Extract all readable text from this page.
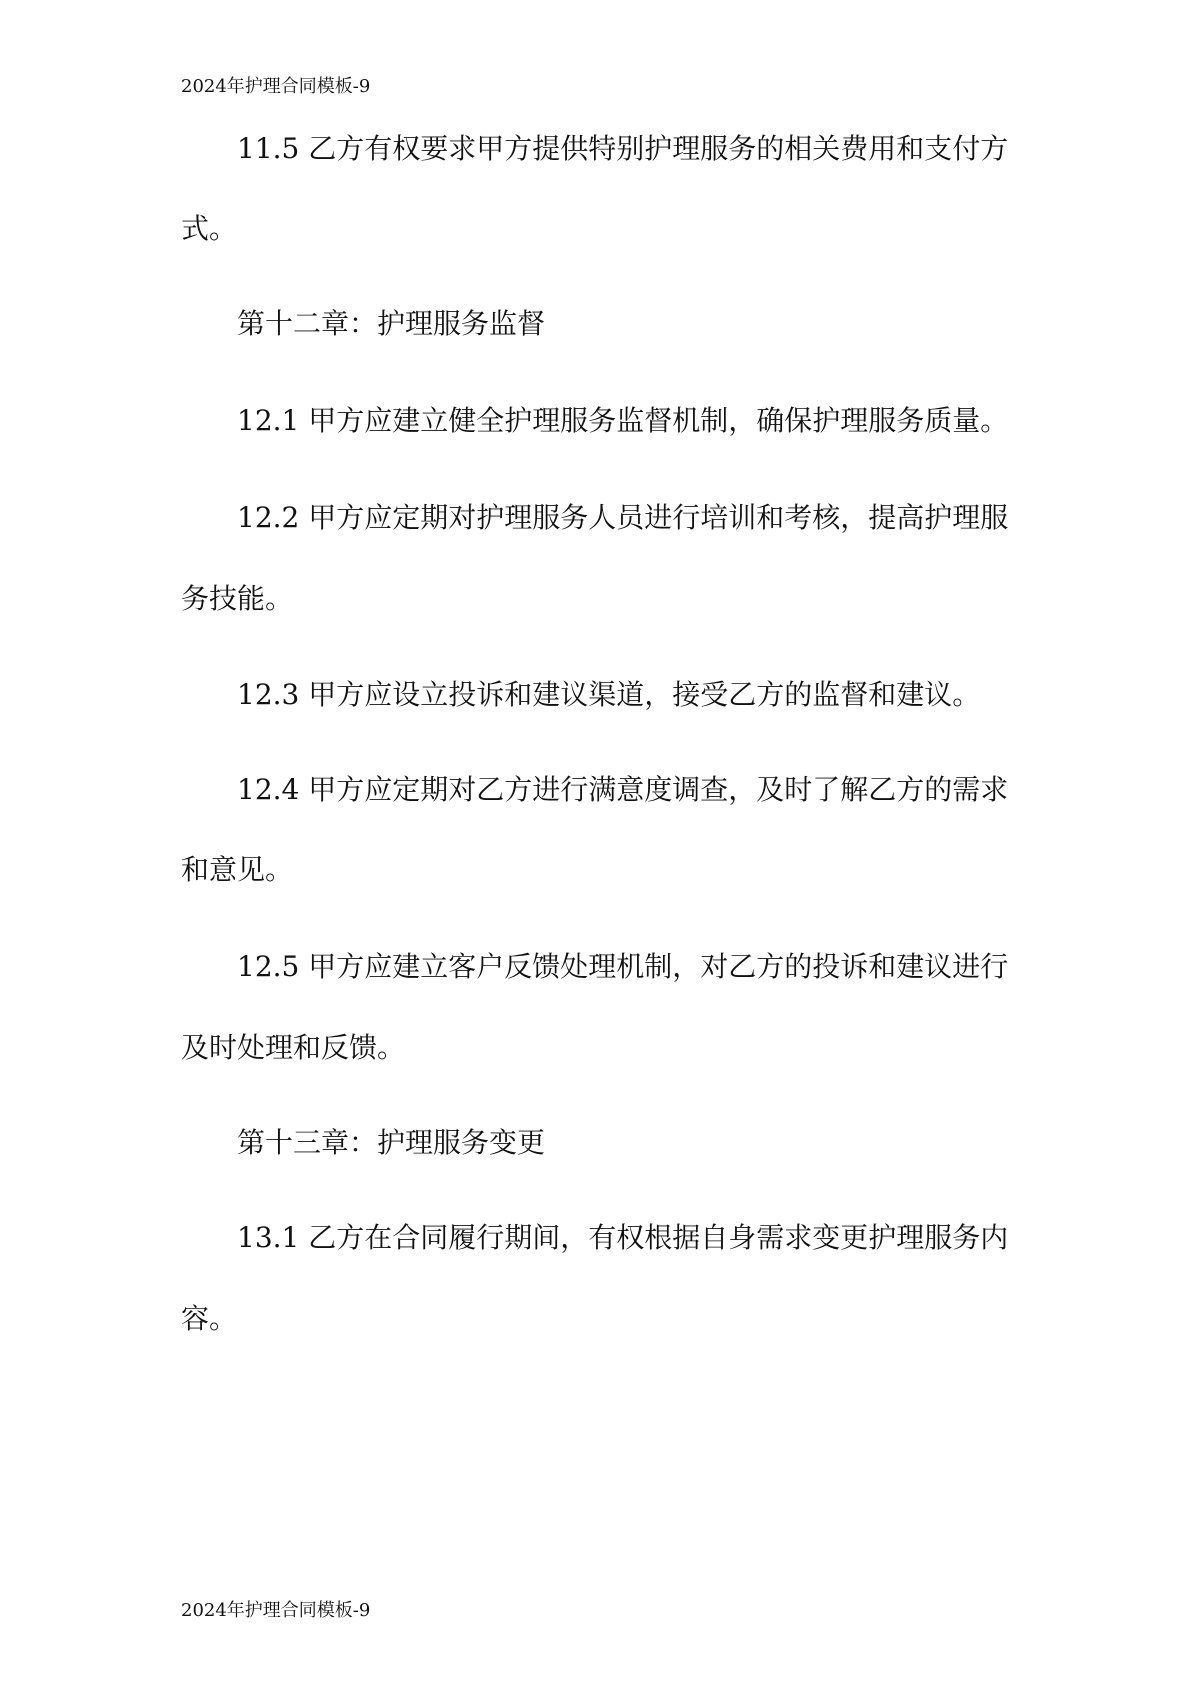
2024年护理合同模板-9
11.5 乙方有权要求甲方提供特别护理服务的相关费用和支付方
式。
第十二章：护理服务监督
12.1 甲方应建立健全护理服务监督机制，确保护理服务质量。
12.2 甲方应定期对护理服务人员进行培训和考核，提高护理服
务技能。
12.3 甲方应设立投诉和建议渠道，接受乙方的监督和建议。
12.4 甲方应定期对乙方进行满意度调查，及时了解乙方的需求
和意见。
12.5 甲方应建立客户反馈处理机制，对乙方的投诉和建议进行
及时处理和反馈。
第十三章：护理服务变更
13.1 乙方在合同履行期间，有权根据自身需求变更护理服务内
容。
2024年护理合同模板-9
